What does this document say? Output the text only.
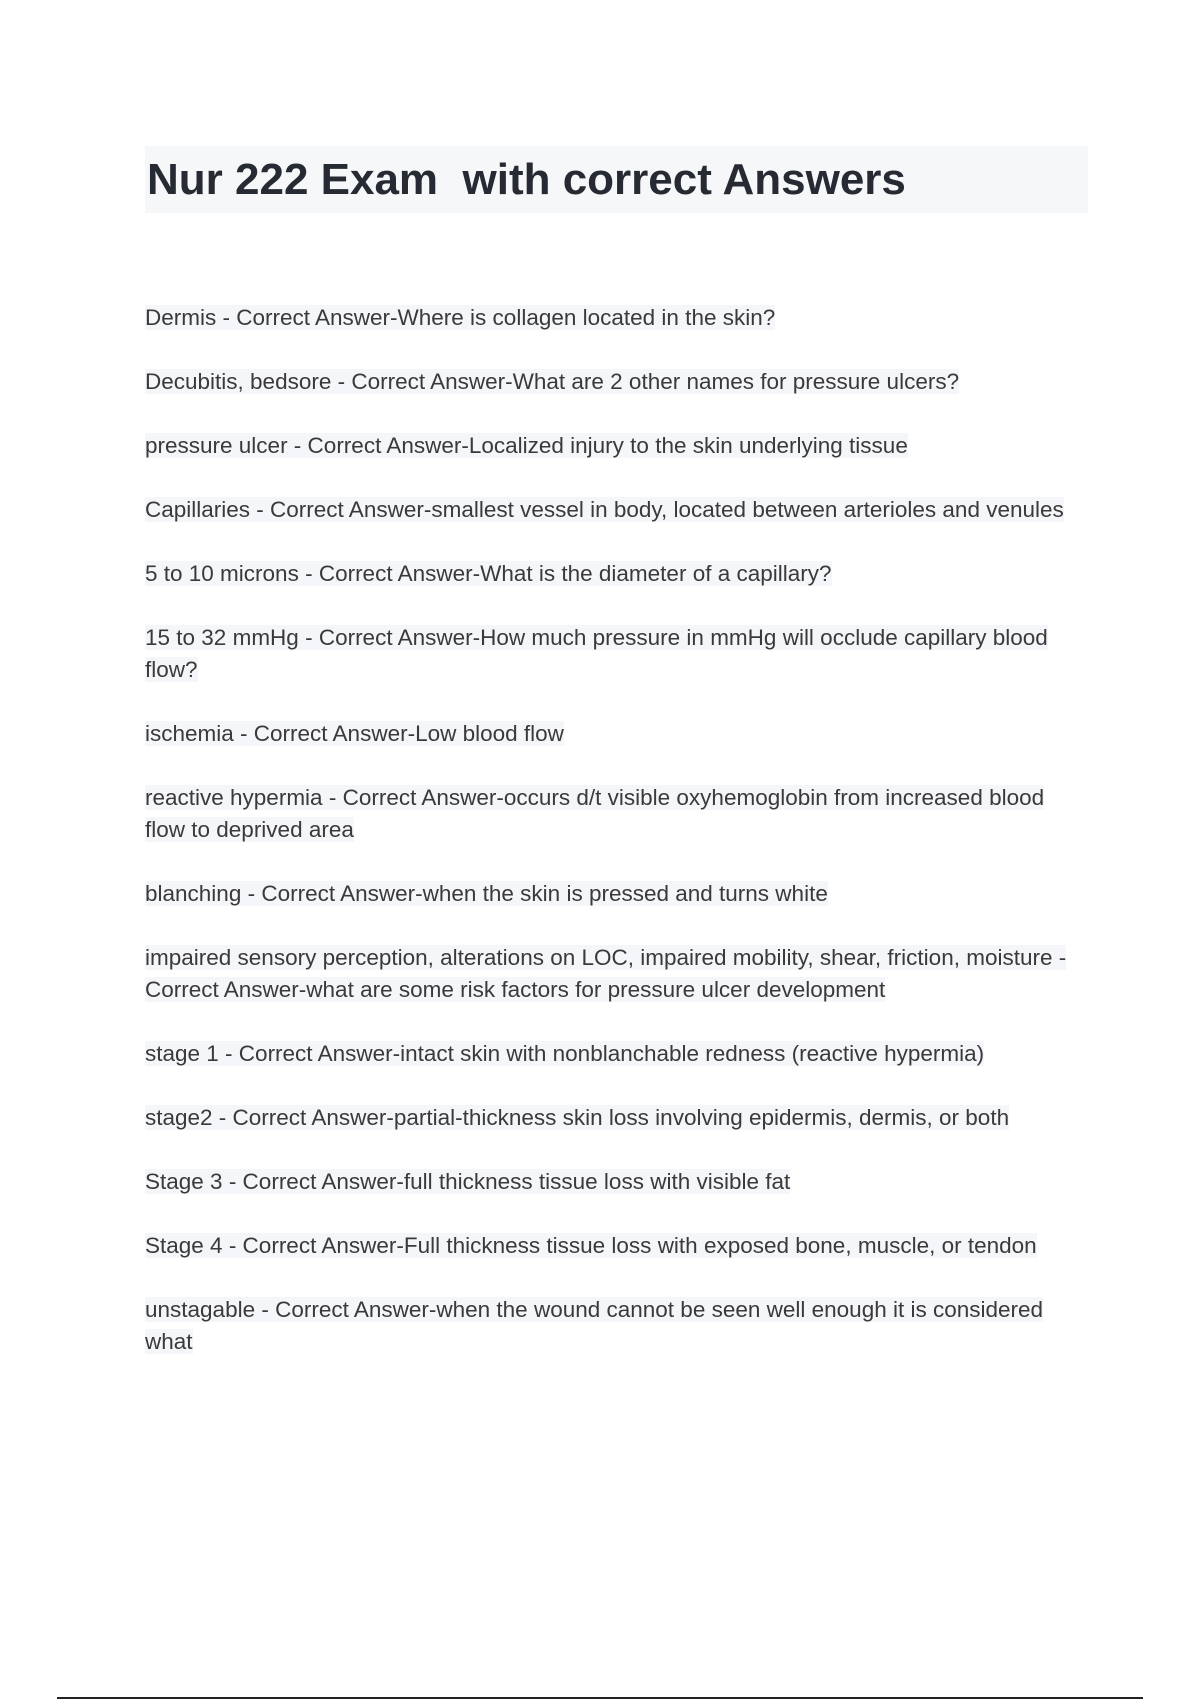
Nur 222 Exam  with correct Answers
Dermis - Correct Answer-Where is collagen located in the skin?
Decubitis, bedsore - Correct Answer-What are 2 other names for pressure ulcers?
pressure ulcer - Correct Answer-Localized injury to the skin underlying tissue
Capillaries - Correct Answer-smallest vessel in body, located between arterioles and venules
5 to 10 microns - Correct Answer-What is the diameter of a capillary?
15 to 32 mmHg - Correct Answer-How much pressure in mmHg will occlude capillary blood flow?
ischemia - Correct Answer-Low blood flow
reactive hypermia - Correct Answer-occurs d/t visible oxyhemoglobin from increased blood flow to deprived area
blanching - Correct Answer-when the skin is pressed and turns white
impaired sensory perception, alterations on LOC, impaired mobility, shear, friction, moisture - Correct Answer-what are some risk factors for pressure ulcer development
stage 1 - Correct Answer-intact skin with nonblanchable redness (reactive hypermia)
stage2 - Correct Answer-partial-thickness skin loss involving epidermis, dermis, or both
Stage 3 - Correct Answer-full thickness tissue loss with visible fat
Stage 4 - Correct Answer-Full thickness tissue loss with exposed bone, muscle, or tendon
unstagable - Correct Answer-when the wound cannot be seen well enough it is considered what
